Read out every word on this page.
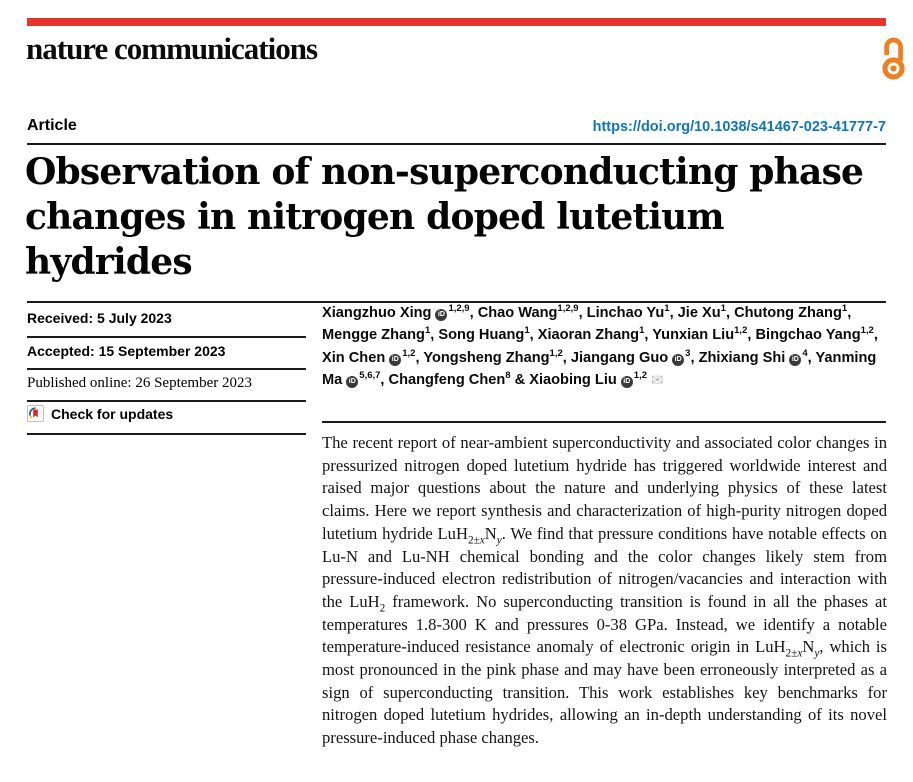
nature communications
Article	https://doi.org/10.1038/s41467-023-41777-7
Observation of non-superconducting phase changes in nitrogen doped lutetium hydrides
Received: 5 July 2023
Accepted: 15 September 2023
Published online: 26 September 2023
Check for updates
Xiangzhuo Xing iD$^{1,2,9}$, Chao Wang$^{1,2,9}$, Linchao Yu$^1$, Jie Xu$^1$, Chutong Zhang$^1$, Mengge Zhang$^1$, Song Huang$^1$, Xiaoran Zhang$^1$, Yunxian Liu$^{1,2}$, Bingchao Yang$^{1,2}$, Xin Chen iD$^{1,2}$, Yongsheng Zhang$^{1,2}$, Jiangang Guo $iD^3$, Zhixiang Shi $iD^4$, Yanming Ma iD$^{5,6,7}$, Changfeng Chen$^8$ & Xiaobing Liu iD$^{1,2}$ ✉

The recent report of near-ambient superconductivity and associated color changes in pressurized nitrogen doped lutetium hydride has triggered worldwide interest and raised major questions about the nature and underlying physics of these latest claims. Here we report synthesis and characterization of high-purity nitrogen doped lutetium hydride $LuH_{2\pm x}N_y$. We find that pressure conditions have notable effects on Lu-N and Lu-NH chemical bonding and the color changes likely stem from pressure-induced electron redistribution of nitrogen/vacancies and interaction with the LuH$_2$ framework. No superconducting transition is found in all the phases at temperatures 1.8-300 K and pressures 0-38 GPa. Instead, we identify a notable temperature-induced resistance anomaly of electronic origin in $LuH_{2\pm x}N_y$, which is most pronounced in the pink phase and may have been erroneously interpreted as a sign of superconducting transition. This work establishes key benchmarks for nitrogen doped lutetium hydrides, allowing an in-depth understanding of its novel pressure-induced phase changes.
